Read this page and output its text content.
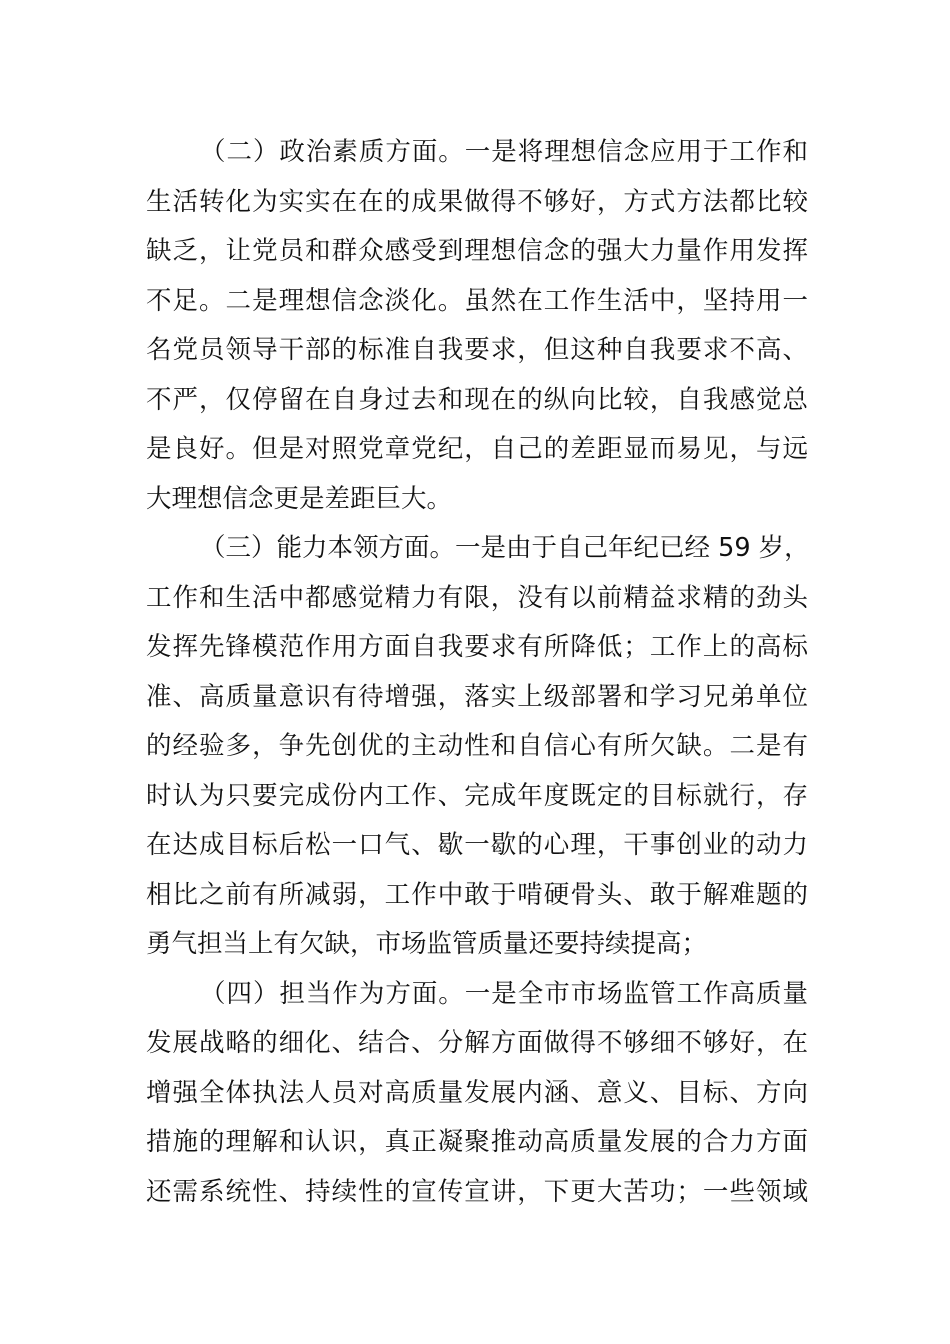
（二）政治素质方面。一是将理想信念应用于工作和
生活转化为实实在在的成果做得不够好，方式方法都比较
缺乏，让党员和群众感受到理想信念的强大力量作用发挥
不足。二是理想信念淡化。虽然在工作生活中，坚持用一
名党员领导干部的标准自我要求，但这种自我要求不高、
不严，仅停留在自身过去和现在的纵向比较，自我感觉总
是良好。但是对照党章党纪，自己的差距显而易见，与远
大理想信念更是差距巨大。
（三）能力本领方面。一是由于自己年纪已经 59 岁，
工作和生活中都感觉精力有限，没有以前精益求精的劲头
发挥先锋模范作用方面自我要求有所降低；工作上的高标
准、高质量意识有待增强，落实上级部署和学习兄弟单位
的经验多，争先创优的主动性和自信心有所欠缺。二是有
时认为只要完成份内工作、完成年度既定的目标就行，存
在达成目标后松一口气、歇一歇的心理，干事创业的动力
相比之前有所减弱，工作中敢于啃硬骨头、敢于解难题的
勇气担当上有欠缺，市场监管质量还要持续提高；
（四）担当作为方面。一是全市市场监管工作高质量
发展战略的细化、结合、分解方面做得不够细不够好，在
增强全体执法人员对高质量发展内涵、意义、目标、方向
措施的理解和认识，真正凝聚推动高质量发展的合力方面
还需系统性、持续性的宣传宣讲，下更大苦功；一些领域
